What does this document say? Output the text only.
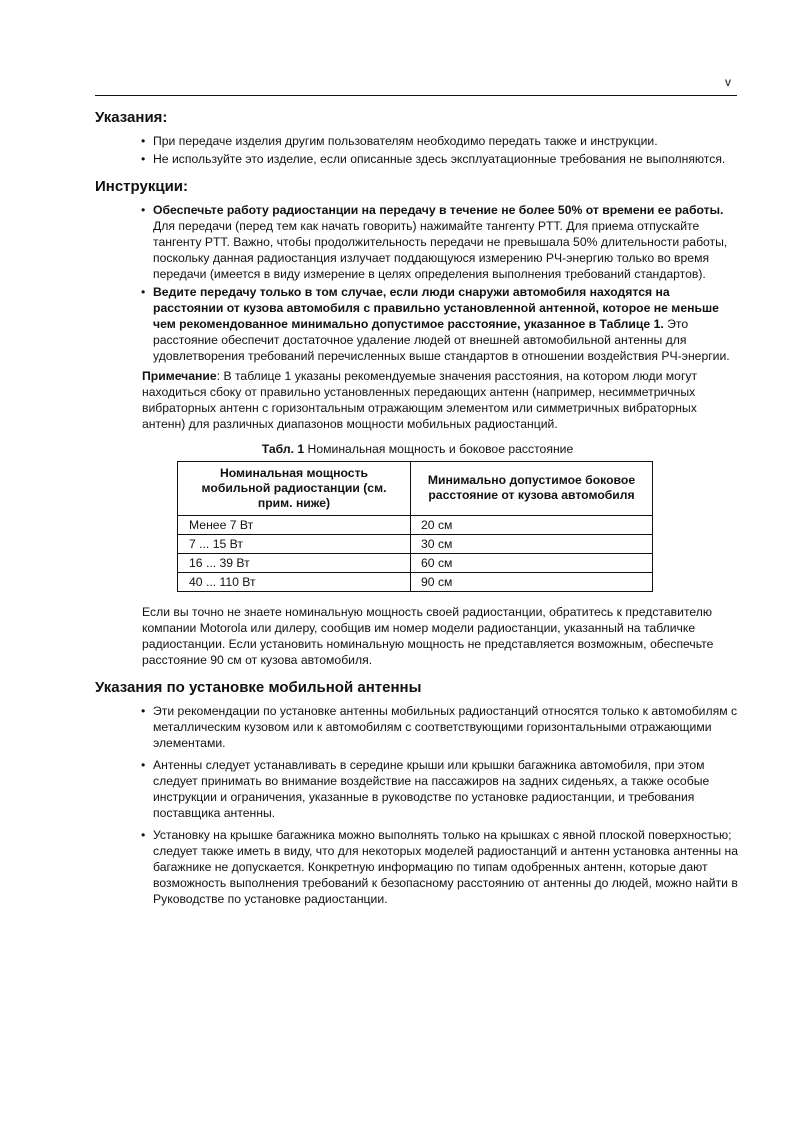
v
Указания:
• При передаче изделия другим пользователям необходимо передать также и инструкции.
• Не используйте это изделие, если описанные здесь эксплуатационные требования не выполняются.
Инструкции:
• Обеспечьте работу радиостанции на передачу в течение не более 50% от времени ее работы. Для передачи (перед тем как начать говорить) нажимайте тангенту PTT. Для приема отпускайте тангенту PTT. Важно, чтобы продолжительность передачи не превышала 50% длительности работы, поскольку данная радиостанция излучает поддающуюся измерению РЧ-энергию только во время передачи (имеется в виду измерение в целях определения выполнения требований стандартов).
• Ведите передачу только в том случае, если люди снаружи автомобиля находятся на расстоянии от кузова автомобиля с правильно установленной антенной, которое не меньше чем рекомендованное минимально допустимое расстояние, указанное в Таблице 1. Это расстояние обеспечит достаточное удаление людей от внешней автомобильной антенны для удовлетворения требований перечисленных выше стандартов в отношении воздействия РЧ-энергии.
Примечание: В таблице 1 указаны рекомендуемые значения расстояния, на котором люди могут находиться сбоку от правильно установленных передающих антенн (например, несимметричных вибраторных антенн с горизонтальным отражающим элементом или симметричных вибраторных антенн) для различных диапазонов мощности мобильных радиостанций.
Табл. 1 Номинальная мощность и боковое расстояние
Номинальная мощность мобильной радиостанции (см. прим. ниже)	Минимально допустимое боковое расстояние от кузова автомобиля
Менее 7 Вт	20 см
7 ... 15 Вт	30 см
16 ... 39 Вт	60 см
40 ... 110 Вт	90 см
Если вы точно не знаете номинальную мощность своей радиостанции, обратитесь к представителю компании Motorola или дилеру, сообщив им номер модели радиостанции, указанный на табличке радиостанции. Если установить номинальную мощность не представляется возможным, обеспечьте расстояние 90 см от кузова автомобиля.
Указания по установке мобильной антенны
• Эти рекомендации по установке антенны мобильных радиостанций относятся только к автомобилям с металлическим кузовом или к автомобилям с соответствующими горизонтальными отражающими элементами.
• Антенны следует устанавливать в середине крыши или крышки багажника автомобиля, при этом следует принимать во внимание воздействие на пассажиров на задних сиденьях, а также особые инструкции и ограничения, указанные в руководстве по установке радиостанции, и требования поставщика антенны.
• Установку на крышке багажника можно выполнять только на крышках с явной плоской поверхностью; следует также иметь в виду, что для некоторых моделей радиостанций и антенн установка антенны на багажнике не допускается. Конкретную информацию по типам одобренных антенн, которые дают возможность выполнения требований к безопасному расстоянию от антенны до людей, можно найти в Руководстве по установке радиостанции.
